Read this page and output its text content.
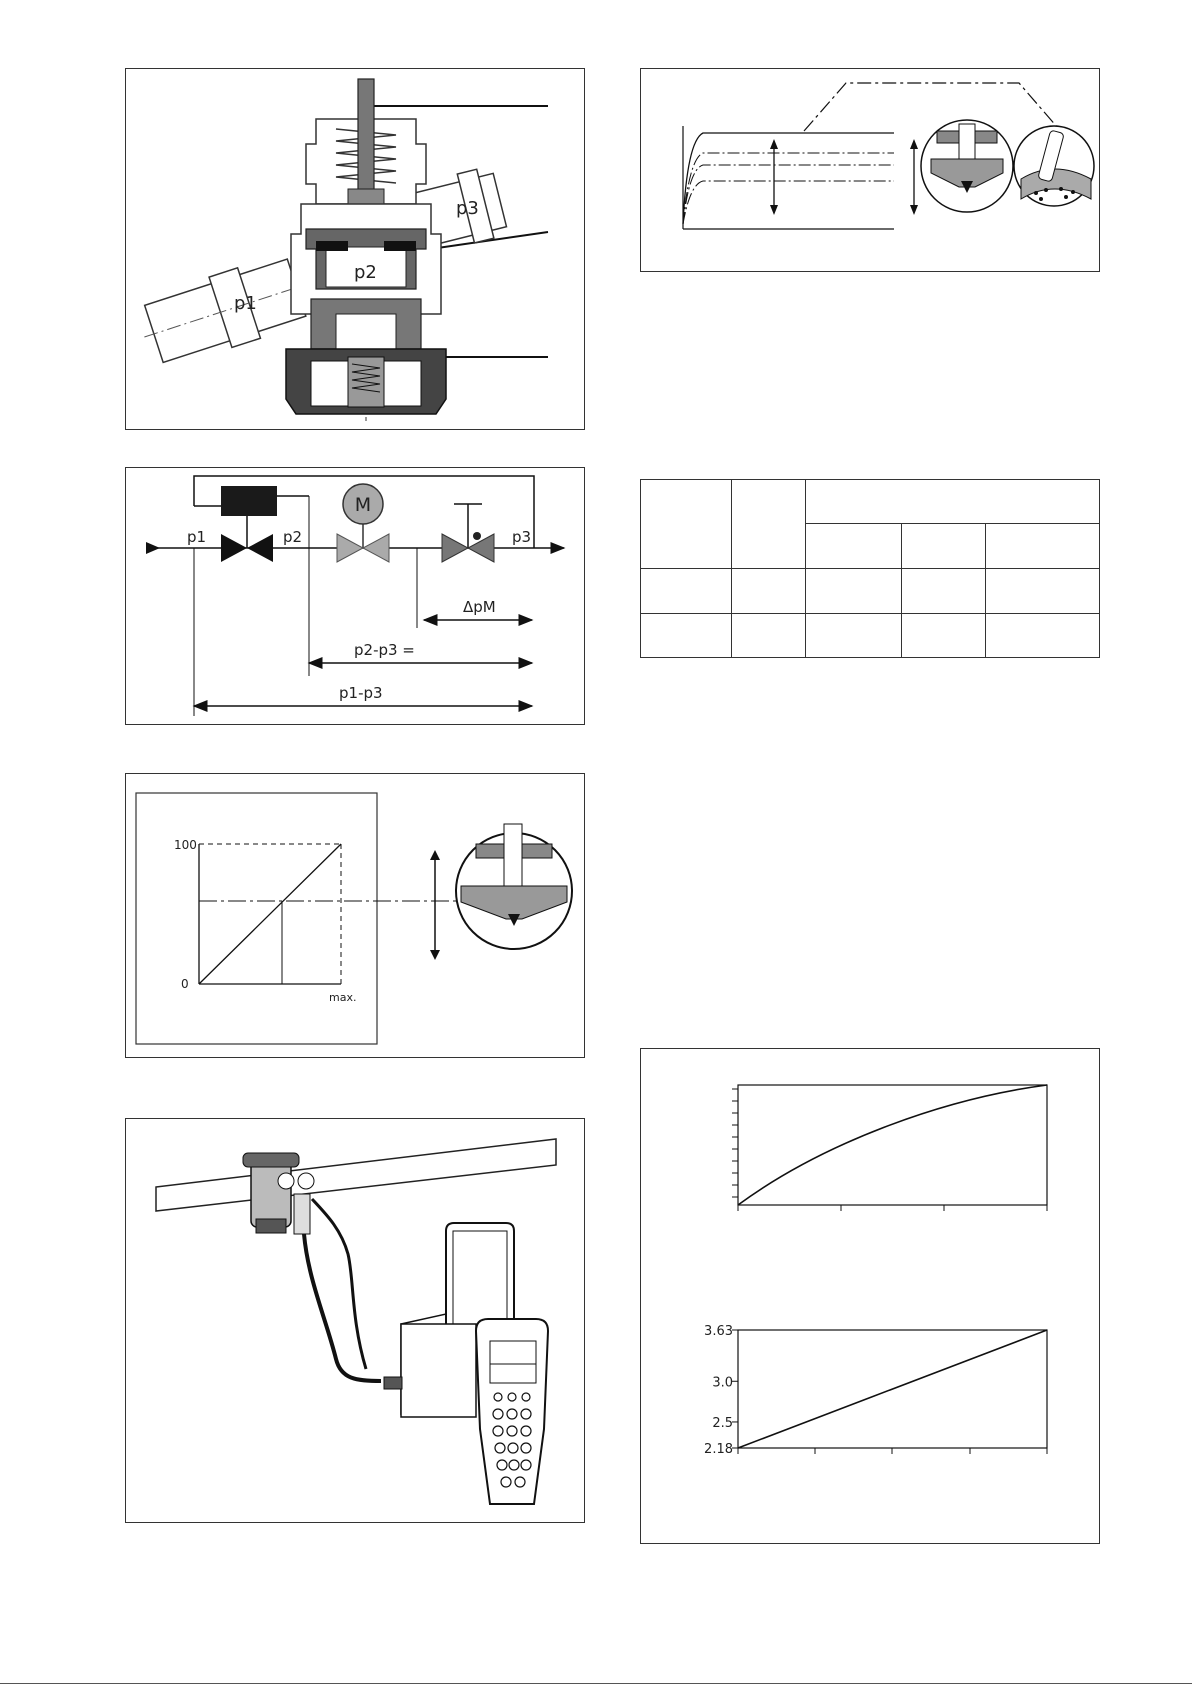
p1
p2
p3
M
p1	p2	p3
ΔpM
p2-p3 =
p1-p3
100
0
max.

3.63
3.0
2.5
2.18
